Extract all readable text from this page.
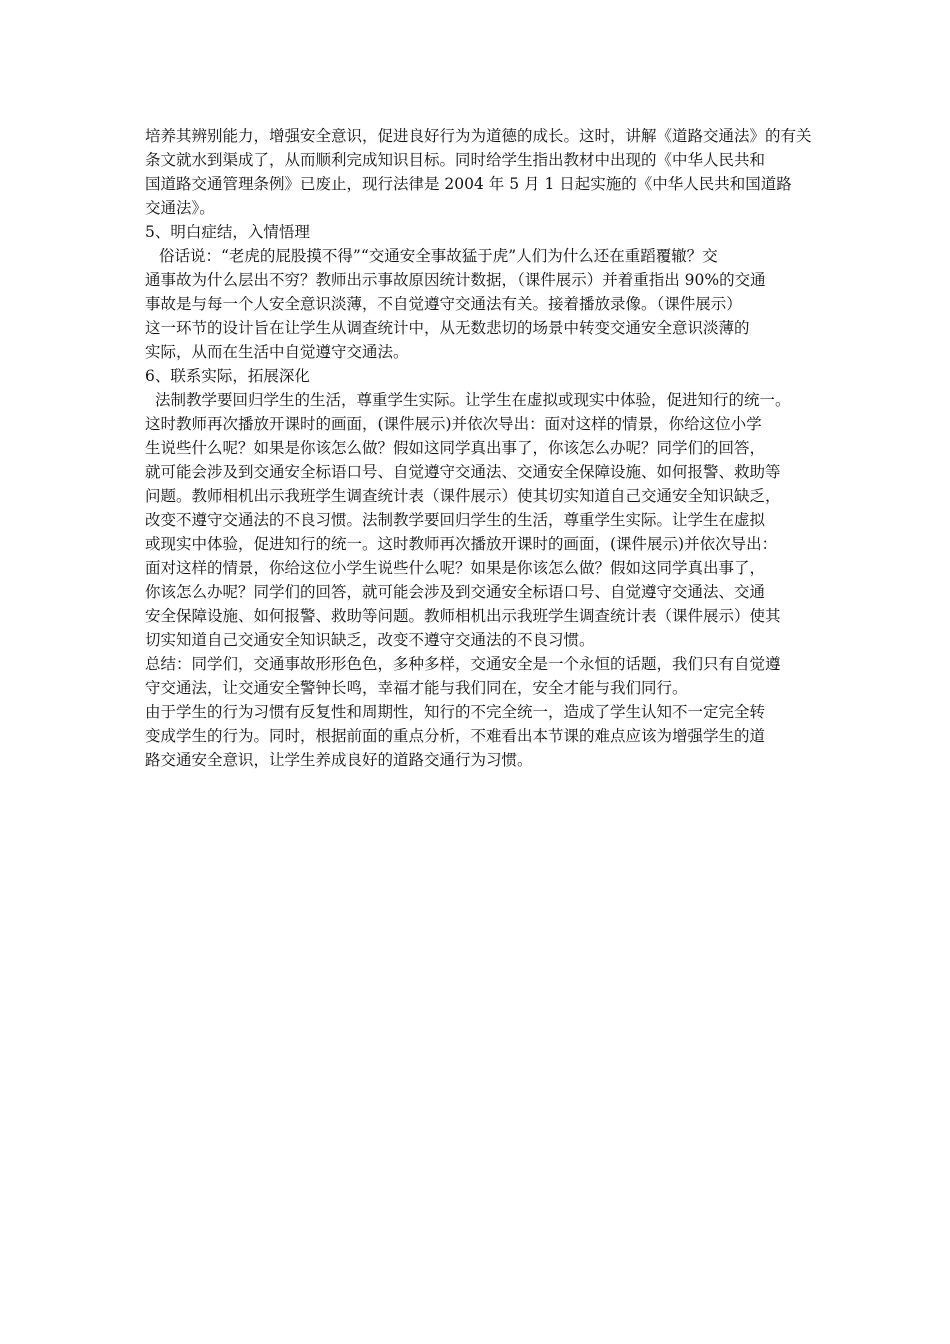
培养其辨别能力，增强安全意识，促进良好行为为道德的成长。这时，讲解《道路交通法》的有关
条文就水到渠成了，从而顺利完成知识目标。同时给学生指出教材中出现的《中华人民共和
国道路交通管理条例》已废止，现行法律是 2004 年 5 月 1 日起实施的《中华人民共和国道路
交通法》。
5、明白症结，入情悟理
俗话说：“老虎的屁股摸不得”“交通安全事故猛于虎”人们为什么还在重蹈覆辙？交
通事故为什么层出不穷？教师出示事故原因统计数据，（课件展示）并着重指出 90%的交通
事故是与每一个人安全意识淡薄，不自觉遵守交通法有关。接着播放录像。（课件展示）
这一环节的设计旨在让学生从调查统计中，从无数悲切的场景中转变交通安全意识淡薄的
实际，从而在生活中自觉遵守交通法。
6、联系实际，拓展深化
法制教学要回归学生的生活，尊重学生实际。让学生在虚拟或现实中体验，促进知行的统一。
这时教师再次播放开课时的画面，(课件展示)并依次导出：面对这样的情景，你给这位小学
生说些什么呢？如果是你该怎么做？假如这同学真出事了，你该怎么办呢？同学们的回答，
就可能会涉及到交通安全标语口号、自觉遵守交通法、交通安全保障设施、如何报警、救助等
问题。教师相机出示我班学生调查统计表（课件展示）使其切实知道自己交通安全知识缺乏，
改变不遵守交通法的不良习惯。法制教学要回归学生的生活，尊重学生实际。让学生在虚拟
或现实中体验，促进知行的统一。这时教师再次播放开课时的画面，(课件展示)并依次导出：
面对这样的情景，你给这位小学生说些什么呢？如果是你该怎么做？假如这同学真出事了，
你该怎么办呢？同学们的回答，就可能会涉及到交通安全标语口号、自觉遵守交通法、交通
安全保障设施、如何报警、救助等问题。教师相机出示我班学生调查统计表（课件展示）使其
切实知道自己交通安全知识缺乏，改变不遵守交通法的不良习惯。
总结：同学们，交通事故形形色色，多种多样，交通安全是一个永恒的话题，我们只有自觉遵
守交通法，让交通安全警钟长鸣，幸福才能与我们同在，安全才能与我们同行。
由于学生的行为习惯有反复性和周期性，知行的不完全统一，造成了学生认知不一定完全转
变成学生的行为。同时，根据前面的重点分析，不难看出本节课的难点应该为增强学生的道
路交通安全意识，让学生养成良好的道路交通行为习惯。
